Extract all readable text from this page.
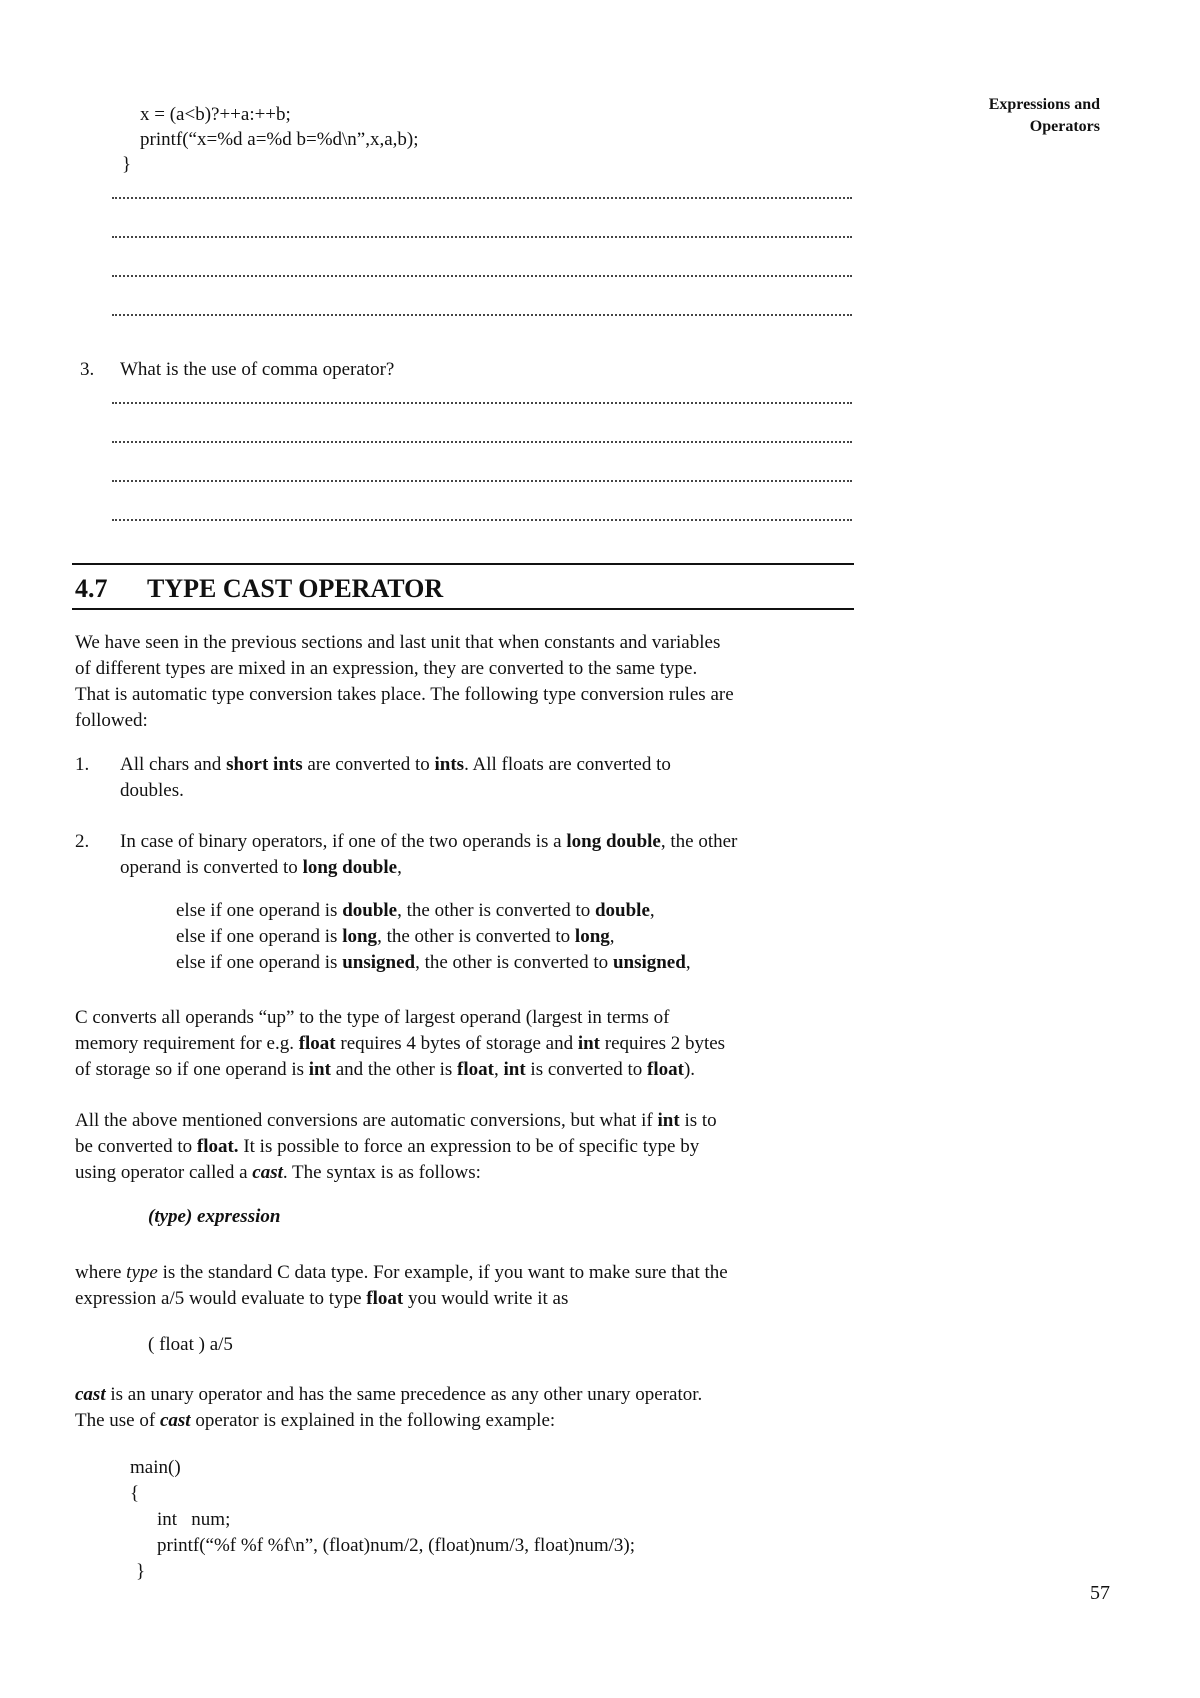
Expressions and
Operators
x = (a<b)?++a:++b;
printf(“x=%d a=%d b=%d\n”,x,a,b);
}
3. What is the use of comma operator?
4.7 TYPE CAST OPERATOR
We have seen in the previous sections and last unit that when constants and variables
of different types are mixed in an expression, they are converted to the same type.
That is automatic type conversion takes place. The following type conversion rules are
followed:
1. All chars and short ints are converted to ints. All floats are converted to
doubles.
2. In case of binary operators, if one of the two operands is a long double, the other
operand is converted to long double,
else if one operand is double, the other is converted to double,
else if one operand is long, the other is converted to long,
else if one operand is unsigned, the other is converted to unsigned,
C converts all operands “up” to the type of largest operand (largest in terms of
memory requirement for e.g. float requires 4 bytes of storage and int requires 2 bytes
of storage so if one operand is int and the other is float, int is converted to float).
All the above mentioned conversions are automatic conversions, but what if int is to
be converted to float. It is possible to force an expression to be of specific type by
using operator called a cast. The syntax is as follows:
(type) expression
where type is the standard C data type. For example, if you want to make sure that the
expression a/5 would evaluate to type float you would write it as
( float ) a/5
cast is an unary operator and has the same precedence as any other unary operator.
The use of cast operator is explained in the following example:
main()
{
int   num;
printf(“%f %f %f\n”, (float)num/2, (float)num/3, float)num/3);
}
57
